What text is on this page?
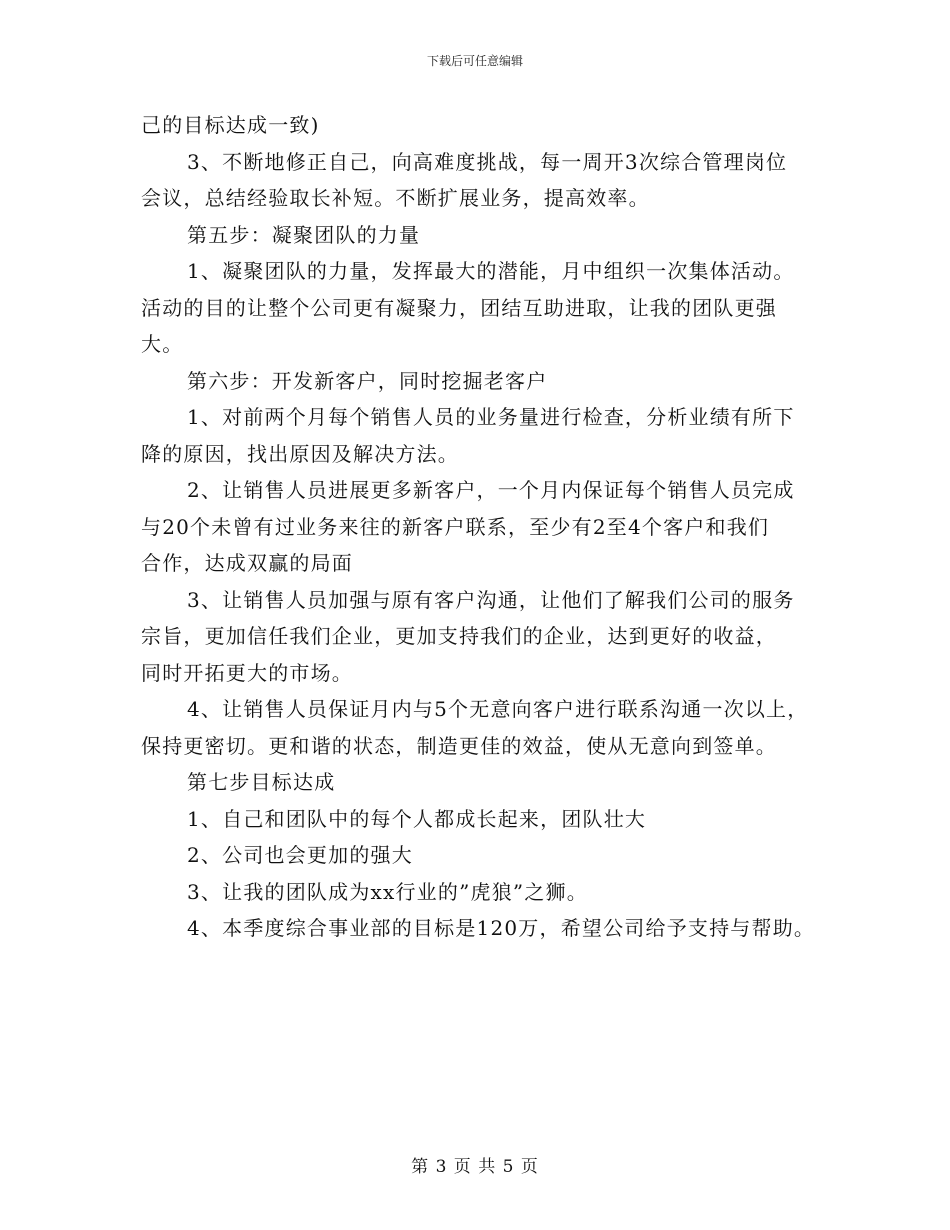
下载后可任意编辑

己的目标达成一致)

3、不断地修正自己，向高难度挑战，每一周开3次综合管理岗位

会议，总结经验取长补短。不断扩展业务，提高效率。

第五步：凝聚团队的力量

1、凝聚团队的力量，发挥最大的潜能，月中组织一次集体活动。

活动的目的让整个公司更有凝聚力，团结互助进取，让我的团队更强

大。

第六步：开发新客户，同时挖掘老客户

1、对前两个月每个销售人员的业务量进行检查，分析业绩有所下

降的原因，找出原因及解决方法。

2、让销售人员进展更多新客户，一个月内保证每个销售人员完成

与20个未曾有过业务来往的新客户联系，至少有2至4个客户和我们

合作，达成双赢的局面

3、让销售人员加强与原有客户沟通，让他们了解我们公司的服务

宗旨，更加信任我们企业，更加支持我们的企业，达到更好的收益，

同时开拓更大的市场。

4、让销售人员保证月内与5个无意向客户进行联系沟通一次以上，

保持更密切。更和谐的状态，制造更佳的效益，使从无意向到签单。

第七步目标达成

1、自己和团队中的每个人都成长起来，团队壮大

2、公司也会更加的强大

3、让我的团队成为xx行业的”虎狼”之狮。

4、本季度综合事业部的目标是120万，希望公司给予支持与帮助。

第 3 页 共 5 页
